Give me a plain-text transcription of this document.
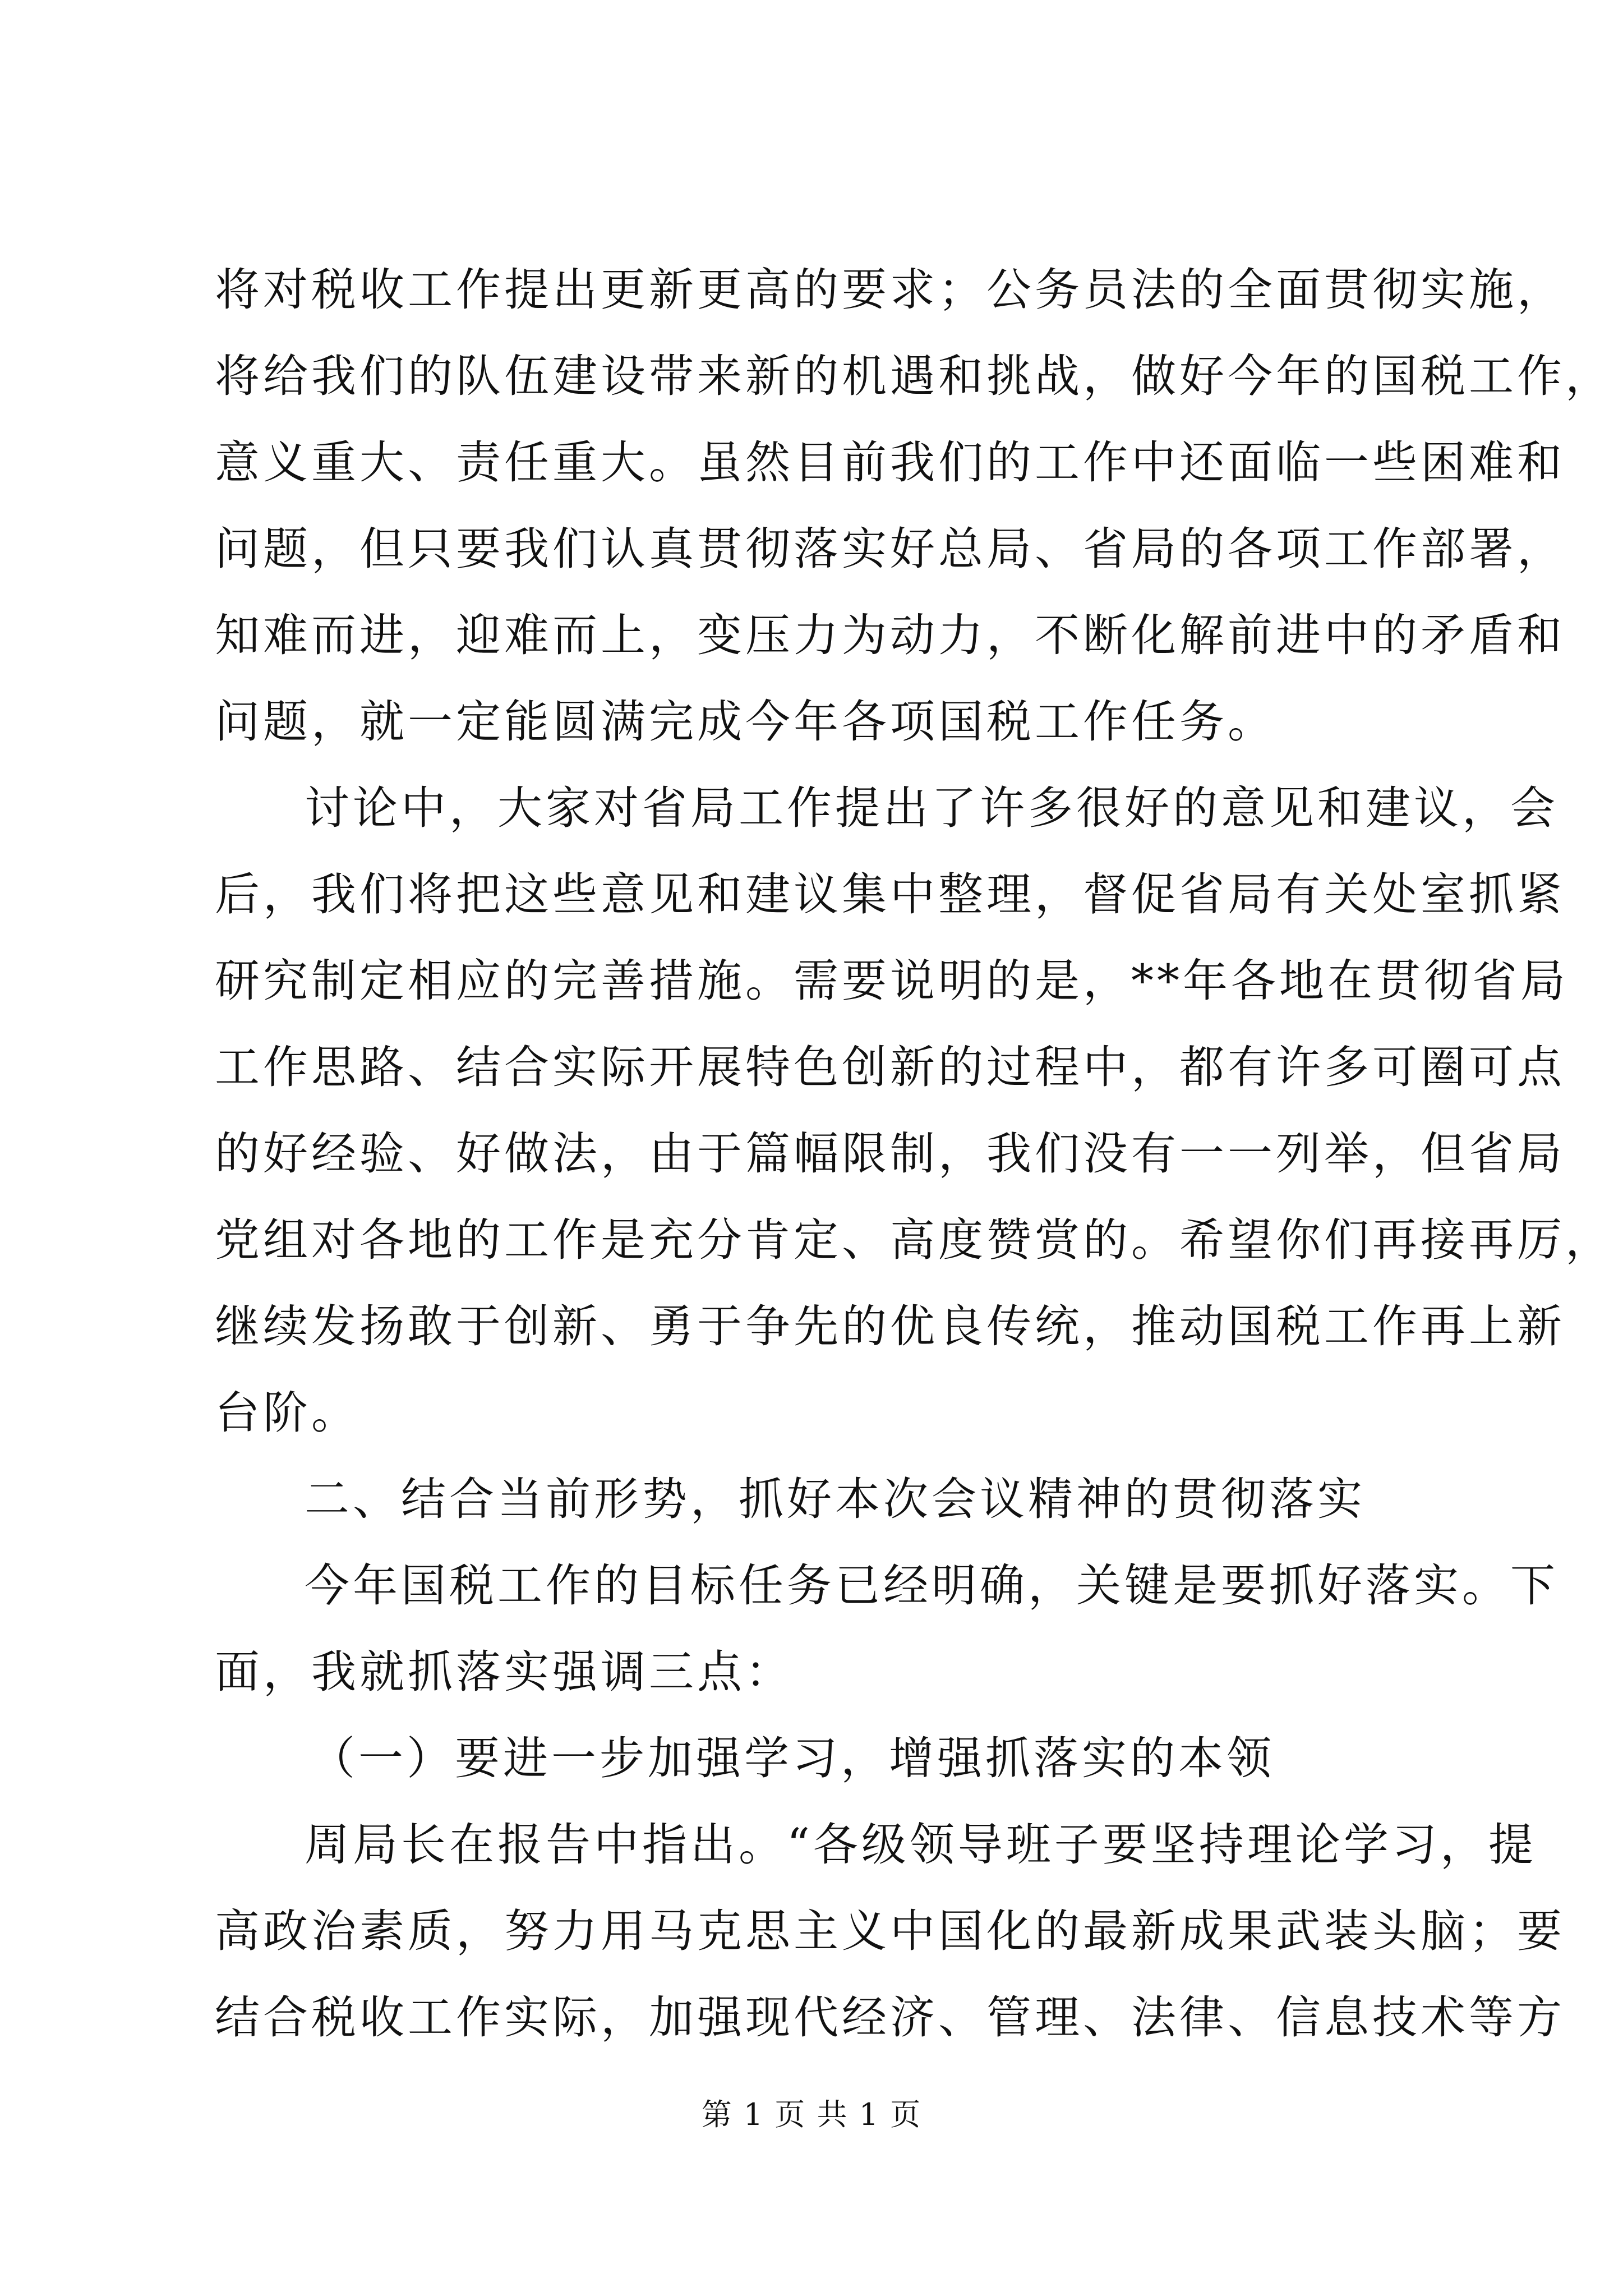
将对税收工作提出更新更高的要求；公务员法的全面贯彻实施，
将给我们的队伍建设带来新的机遇和挑战，做好今年的国税工作，
意义重大、责任重大。虽然目前我们的工作中还面临一些困难和
问题，但只要我们认真贯彻落实好总局、省局的各项工作部署，
知难而进，迎难而上，变压力为动力，不断化解前进中的矛盾和
问题，就一定能圆满完成今年各项国税工作任务。
讨论中，大家对省局工作提出了许多很好的意见和建议，会
后，我们将把这些意见和建议集中整理，督促省局有关处室抓紧
研究制定相应的完善措施。需要说明的是，**年各地在贯彻省局
工作思路、结合实际开展特色创新的过程中，都有许多可圈可点
的好经验、好做法，由于篇幅限制，我们没有一一列举，但省局
党组对各地的工作是充分肯定、高度赞赏的。希望你们再接再厉，
继续发扬敢于创新、勇于争先的优良传统，推动国税工作再上新
台阶。
二、结合当前形势，抓好本次会议精神的贯彻落实
今年国税工作的目标任务已经明确，关键是要抓好落实。下
面，我就抓落实强调三点：
（一）要进一步加强学习，增强抓落实的本领
周局长在报告中指出。“各级领导班子要坚持理论学习，提
高政治素质，努力用马克思主义中国化的最新成果武装头脑；要
结合税收工作实际，加强现代经济、管理、法律、信息技术等方
第 1 页 共 1 页
